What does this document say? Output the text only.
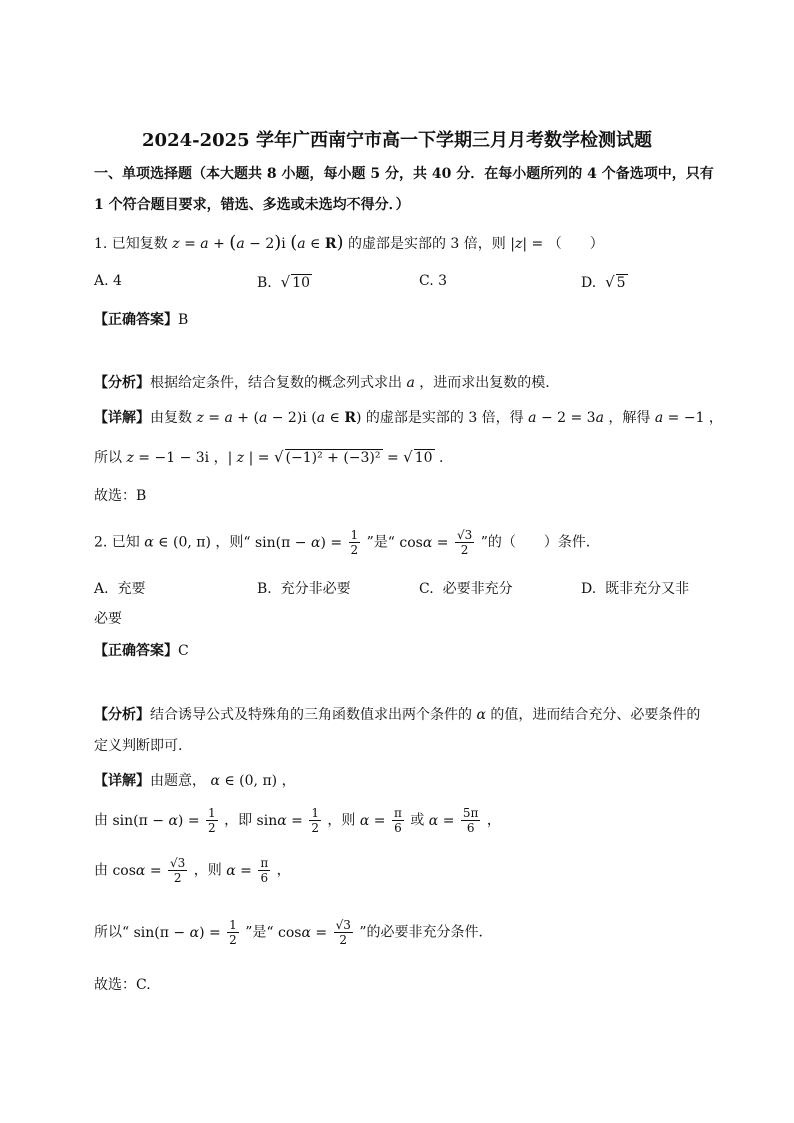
2024-2025 学年广西南宁市高一下学期三月月考数学检测试题
一、单项选择题（本大题共 8 小题，每小题 5 分，共 40 分．在每小题所列的 4 个备选项中，只有
1 个符合题目要求，错选、多选或未选均不得分．）
1. 已知复数 z = a + (a − 2)i (a ∈ R) 的虚部是实部的 3 倍，则 |z| = （　　）
A. 4	B. √ 10	C. 3	D. √ 5
【正确答案】B
【分析】根据给定条件，结合复数的概念列式求出 a ，进而求出复数的模.
【详解】由复数 z = a + (a − 2)i (a ∈ R) 的虚部是实部的 3 倍，得 a − 2 = 3a ，解得 a = −1 ，
所以 z = −1 − 3i ，| z | = √ (−1)² + (−3)² = √ 10 .
故选：B
2. 已知 α ∈ (0, π) ，则“ $\sin(\pi - \alpha) = \frac{1}{2}$ ”是“ $\cos\alpha = \frac{√3}{2}$ ”的（　　）条件．
A. 充要	B. 充分非必要	C. 必要非充分	D. 既非充分又非
必要
【正确答案】C
【分析】结合诱导公式及特殊角的三角函数值求出两个条件的 α 的值，进而结合充分、必要条件的
定义判断即可.
【详解】由题意， α ∈ (0, π) ，
由 $\sin(\pi - \alpha) = \frac{1}{2}$ ，即 $\sin\alpha = \frac{1}{2}$ ，则 $\alpha = \frac{\pi}{6}$ 或 $\alpha = \frac{5\pi}{6}$ ，
由 $\cos\alpha = \frac{√3}{2}$ ，则 $\alpha = \frac{\pi}{6}$ ，
所以“ $\sin(\pi - \alpha) = \frac{1}{2}$ ”是“ $\cos\alpha = \frac{√3}{2}$ ”的必要非充分条件．
故选：C.
